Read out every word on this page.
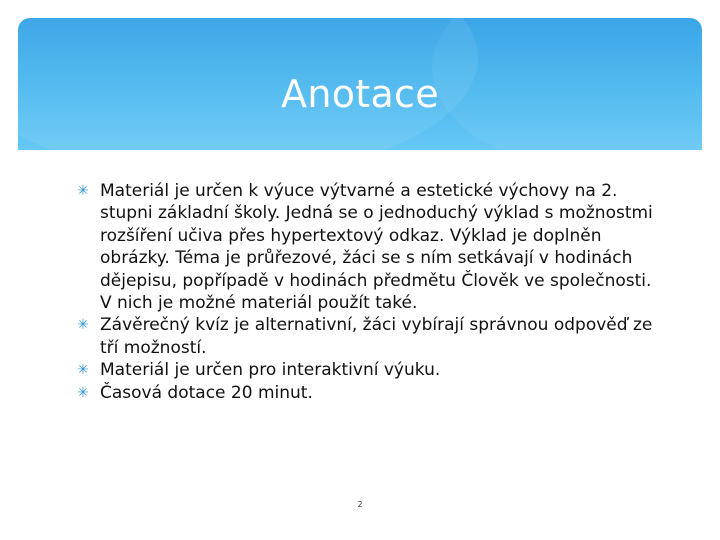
Anotace
✳ Materiál je určen k výuce výtvarné a estetické výchovy na 2. stupni základní školy. Jedná se o jednoduchý výklad s možnostmi rozšíření učiva přes hypertextový odkaz. Výklad je doplněn obrázky. Téma je průřezové, žáci se s ním setkávají v hodinách dějepisu, popřípadě v hodinách předmětu Člověk ve společnosti. V nich je možné materiál použít také.
✳ Závěrečný kvíz je alternativní, žáci vybírají správnou odpověď ze tří možností.
✳ Materiál je určen pro interaktivní výuku.
✳ Časová dotace 20 minut.
2
